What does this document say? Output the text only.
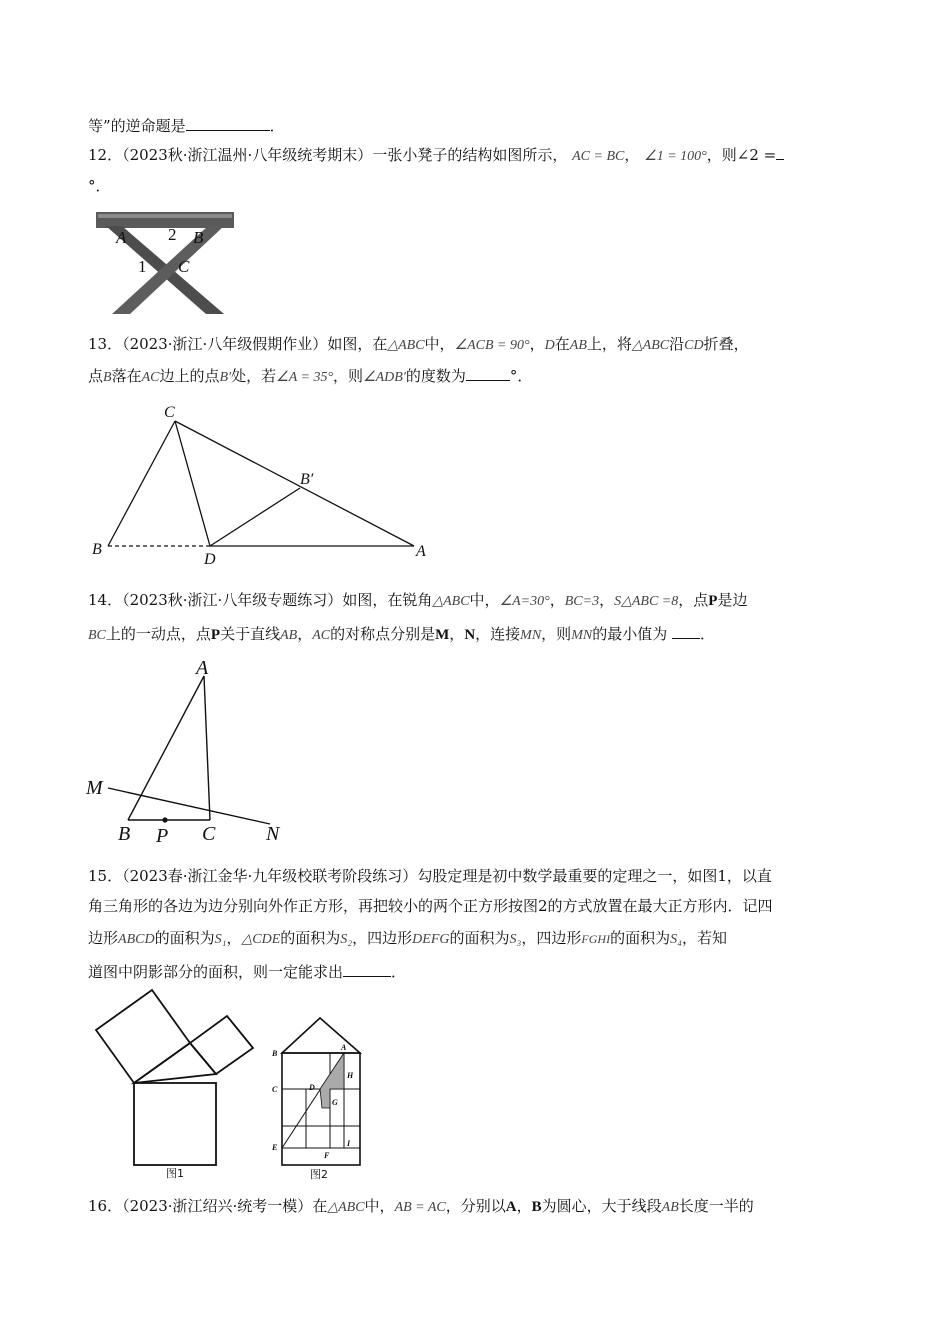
等”的逆命题是	．
12．（2023秋·浙江温州·八年级统考期末）一张小凳子的结构如图所示， AC = BC， ∠1 = 100°，则∠2 =
°．
A 2 B
1 C
13．（2023·浙江·八年级假期作业）如图，在△ABC中，∠ACB = 90°，D在AB上，将△ABC沿CD折叠，
点B落在AC边上的点B′处，若∠A = 35°，则∠ADB′的度数为	°．
C
B
D	A
B′
14．（2023秋·浙江·八年级专题练习）如图，在锐角△ABC中，∠A=30°，BC=3，S△ABC =8，点P是边
BC上的一动点，点P关于直线AB，AC的对称点分别是M，N，连接MN，则MN的最小值为 ．
A
M
B P C	N
15．（2023春·浙江金华·九年级校联考阶段练习）勾股定理是初中数学最重要的定理之一，如图1，以直
角三角形的各边为边分别向外作正方形，再把较小的两个正方形按图2的方式放置在最大正方形内．记四
边形ABCD的面积为S₁，△CDE的面积为S₂，四边形DEFG的面积为S₃，四边形FGHI的面积为S₄，若知
道图中阴影部分的面积，则一定能求出	．
图1
A
B
C	D
E
F
G
H
I
图2
16．（2023·浙江绍兴·统考一模）在△ABC中，AB = AC，分别以A，B为圆心，大于线段AB长度一半的
